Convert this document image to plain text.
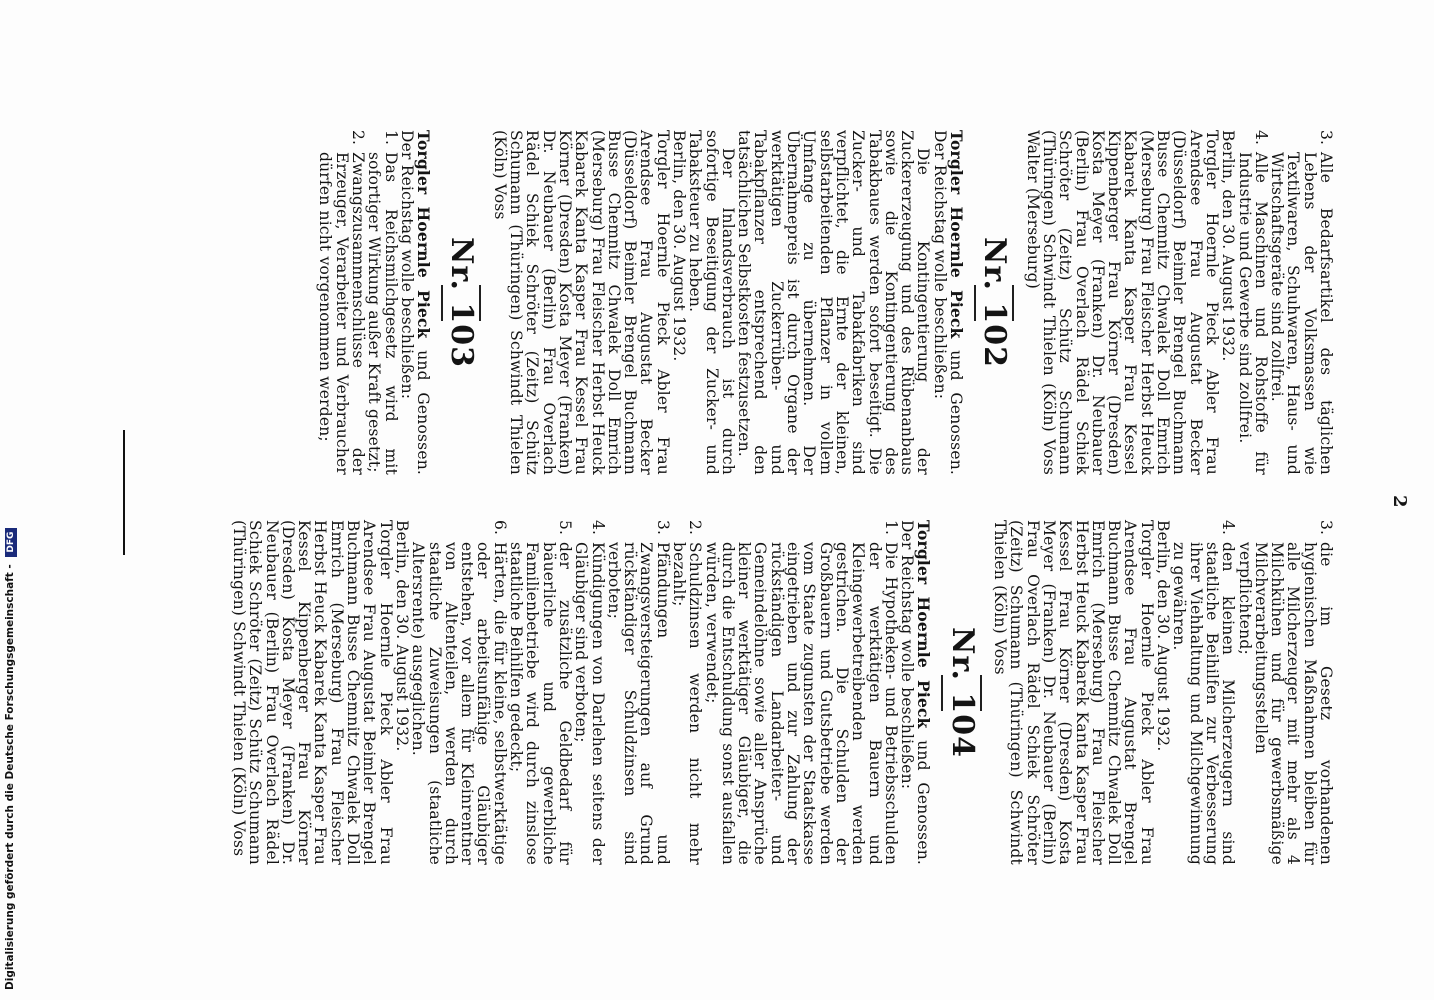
2

3.Alle Bedarfsartikel des täglichen Lebens der Volksmassen wie Textilwaren, Schuhwaren, Haus- und Wirtschaftsgeräte sind zollfrei.

4.Alle Maschinen und Rohstoffe für Industrie und Gewerbe sind zollfrei.

Berlin, den 30. August 1932.

Torgler Hoernle Pieck Abler Frau Arendsee Frau Augustat Becker (Düsseldorf) Beimler Brengel Buchmann Busse Chemnitz Chwalek Doll Emrich (Merseburg) Frau Fleischer Herbst Heuck Kabarek Kanta Kasper Frau Kessel Kippenberger Frau Körner (Dresden) Kosta Meyer (Franken) Dr. Neubauer (Berlin) Frau Overlach Rädel Schiek Schröter (Zeitz) Schütz Schumann (Thüringen) Schwindt Thielen (Köln) Voss Walter (Merseburg)

Nr. 102

Torgler Hoernle Pieck und Genossen. Der Reichstag wolle beschließen:

Die Kontingentierung der Zuckererzeugung und des Rübenanbaus sowie die Kontingentierung des Tabakbaues werden sofort beseitigt. Die Zucker- und Tabakfabriken sind verpflichtet, die Ernte der kleinen, selbstarbeitenden Pflanzer in vollem Umfange zu übernehmen. Der Übernahmepreis ist durch Organe der werktätigen Zuckerrüben- und Tabakpflanzer entsprechend den tatsächlichen Selbstkosten festzusetzen.

Der Inlandsverbrauch ist durch sofortige Beseitigung der Zucker- und Tabaksteuer zu heben.

Berlin, den 30. August 1932.

Torgler Hoernle Pieck Abler Frau Arendsee Frau Augustat Becker (Düsseldorf) Beimler Brengel Buchmann Busse Chemnitz Chwalek Doll Emrich (Merseburg) Frau Fleischer Herbst Heuck Kabarek Kanta Kasper Frau Kessel Frau Körner (Dresden) Kosta Meyer (Franken) Dr. Neubauer (Berlin) Frau Overlach Rädel Schiek Schröter (Zeitz) Schütz Schumann (Thüringen) Schwindt Thielen (Köln) Voss

Nr. 103

Torgler Hoernle Pieck und Genossen. Der Reichstag wolle beschließen:

1.Das Reichsmilchgesetz wird mit sofortiger Wirkung außer Kraft gesetzt;

2.Zwangszusammenschlüsse der Erzeuger, Verarbeiter und Verbraucher dürfen nicht vorgenommen werden;

3.die im Gesetz vorhandenen hygienischen Maßnahmen bleiben für alle Milcherzeuger mit mehr als 4 Milchkühen und für gewerbsmäßige Milchverarbeitungsstellen verpflichtend;

4.den kleinen Milcherzeugern sind staatliche Beihilfen zur Verbesserung ihrer Viehhaltung und Milchgewinnung zu gewähren.

Berlin, den 30. August 1932.

Torgler Hoernle Pieck Abler Frau Arendsee Frau Augustat Brengel Buchmann Busse Chemnitz Chwalek Doll Emrich (Merseburg) Frau Fleischer Herbst Heuck Kabarek Kanta Kasper Frau Kessel Frau Körner (Dresden) Kosta Meyer (Franken) Dr. Neubauer (Berlin) Frau Overlach Rädel Schiek Schröter (Zeitz) Schumann (Thüringen) Schwindt Thielen (Köln) Voss

Nr. 104

Torgler Hoernle Pieck und Genossen. Der Reichstag wolle beschließen:

1.Die Hypotheken- und Betriebsschulden der werktätigen Bauern und Kleingewerbetreibenden werden gestrichen. Die Schulden der Großbauern und Gutsbetriebe werden vom Staate zugunsten der Staatskasse eingetrieben und zur Zahlung der rückständigen Landarbeiter- und Gemeindelöhne sowie aller Ansprüche kleiner werktätiger Gläubiger, die durch die Entschuldung sonst ausfallen würden, verwendet;

2.Schuldzinsen werden nicht mehr bezahlt;

3.Pfändungen und Zwangsversteigerungen auf Grund rückständiger Schuldzinsen sind verboten;

4.Kündigungen von Darlehen seitens der Gläubiger sind verboten;

5.der zusätzliche Geldbedarf für bäuerliche und gewerbliche Familienbetriebe wird durch zinslose staatliche Beihilfen gedeckt;

6.Härten, die für kleine, selbstwerktätige oder arbeitsunfähige Gläubiger entstehen, vor allem für Kleinrentner von Altenteilen, werden durch staatliche Zuweisungen (staatliche Altersrente) ausgeglichen.

Berlin, den 30. August 1932.

Torgler Hoernle Pieck Abler Frau Arendsee Frau Augustat Beimler Brengel Buchmann Busse Chemnitz Chwalek Doll Emrich (Merseburg) Frau Fleischer Herbst Heuck Kabarek Kanta Kasper Frau Kessel Kippenberger Frau Körner (Dresden) Kosta Meyer (Franken) Dr. Neubauer (Berlin) Frau Overlach Rädel Schiek Schröter (Zeitz) Schütz Schumann (Thüringen) Schwindt Thielen (Köln) Voss

Digitalisierung gefördert durch die Deutsche Forschungsgemeinschaft - DFG
